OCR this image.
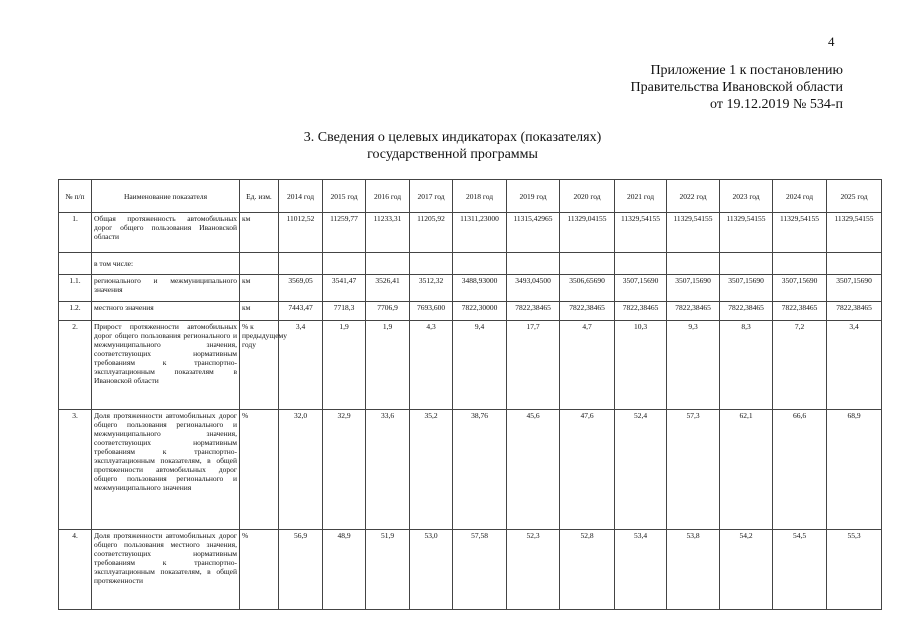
4
Приложение 1 к постановлению
Правительства Ивановской области
от 19.12.2019 № 534-п
3. Сведения о целевых индикаторах (показателях)
государственной программы
№ п/п	Наименование показателя	Ед. изм.	2014 год	2015 год	2016 год	2017 год	2018 год	2019 год	2020 год	2021 год	2022 год	2023 год	2024 год	2025 год
1.	Общая протяженность автомобильных дорог общего пользования Ивановской области	км	11012,52	11259,77	11233,31	11205,92	11311,23000	11315,42965	11329,04155	11329,54155	11329,54155	11329,54155	11329,54155	11329,54155
	в том числе:													
1.1.	регионального и межмуниципального значения	км	3569,05	3541,47	3526,41	3512,32	3488,93000	3493,04500	3506,65690	3507,15690	3507,15690	3507,15690	3507,15690	3507,15690
1.2.	местного значения	км	7443,47	7718,3	7706,9	7693,600	7822,30000	7822,38465	7822,38465	7822,38465	7822,38465	7822,38465	7822,38465	7822,38465
2.	Прирост протяженности автомобильных дорог общего пользования регионального и межмуниципального значения, соответствующих нормативным требованиям к транспортно-эксплуатационным показателям в Ивановской области	% к предыдущему году	3,4	1,9	1,9	4,3	9,4	17,7	4,7	10,3	9,3	8,3	7,2	3,4
3.	Доля протяженности автомобильных дорог общего пользования регионального и межмуниципального значения, соответствующих нормативным требованиям к транспортно-эксплуатационным показателям, в общей протяженности автомобильных дорог общего пользования регионального и межмуниципального значения	%	32,0	32,9	33,6	35,2	38,76	45,6	47,6	52,4	57,3	62,1	66,6	68,9
4.	Доля протяженности автомобильных дорог общего пользования местного значения, соответствующих нормативным требованиям к транспортно-эксплуатационным показателям, в общей протяженности	%	56,9	48,9	51,9	53,0	57,58	52,3	52,8	53,4	53,8	54,2	54,5	55,3
